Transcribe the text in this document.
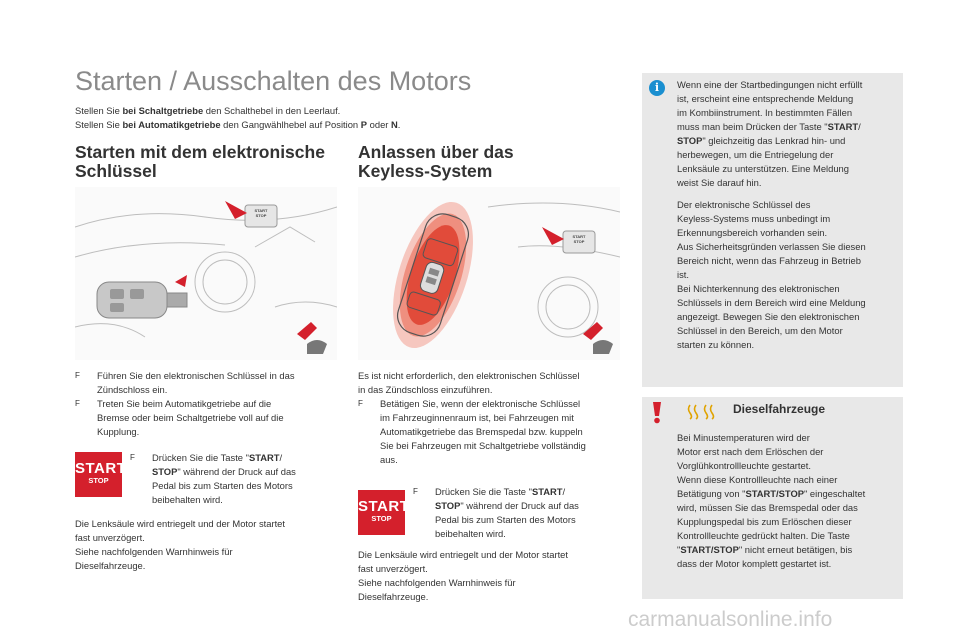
Starten / Ausschalten des Motors
Stellen Sie bei Schaltgetriebe den Schalthebel in den Leerlauf.
Stellen Sie bei Automatikgetriebe den Gangwählhebel auf Position P oder N.
Starten mit dem elektronische
Schlüssel
START
STOP
F Führen Sie den elektronischen Schlüssel in das
Zündschloss ein.
F Treten Sie beim Automatikgetriebe auf die
Bremse oder beim Schaltgetriebe voll auf die
Kupplung.
START
STOP
F Drücken Sie die Taste "START/
STOP" während der Druck auf das
Pedal bis zum Starten des Motors
beibehalten wird.
Die Lenksäule wird entriegelt und der Motor startet
fast unverzögert.
Siehe nachfolgenden Warnhinweis für
Dieselfahrzeuge.
Anlassen über das
Keyless-System
START
STOP
Es ist nicht erforderlich, den elektronischen Schlüssel
in das Zündschloss einzuführen.
F Betätigen Sie, wenn der elektronische Schlüssel
im Fahrzeuginnenraum ist, bei Fahrzeugen mit
Automatikgetriebe das Bremspedal bzw. kuppeln
Sie bei Fahrzeugen mit Schaltgetriebe vollständig
aus.
START
STOP
F Drücken Sie die Taste "START/
STOP" während der Druck auf das
Pedal bis zum Starten des Motors
beibehalten wird.
Die Lenksäule wird entriegelt und der Motor startet
fast unverzögert.
Siehe nachfolgenden Warnhinweis für
Dieselfahrzeuge.
i	Wenn eine der Startbedingungen nicht erfüllt
ist, erscheint eine entsprechende Meldung
im Kombiinstrument. In bestimmten Fällen
muss man beim Drücken der Taste "START/
STOP" gleichzeitig das Lenkrad hin- und
herbewegen, um die Entriegelung der
Lenksäule zu unterstützen. Eine Meldung
weist Sie darauf hin.
Der elektronische Schlüssel des
Keyless-Systems muss unbedingt im
Erkennungsbereich vorhanden sein.
Aus Sicherheitsgründen verlassen Sie diesen
Bereich nicht, wenn das Fahrzeug in Betrieb
ist.
Bei Nichterkennung des elektronischen
Schlüssels in dem Bereich wird eine Meldung
angezeigt. Bewegen Sie den elektronischen
Schlüssel in den Bereich, um den Motor
starten zu können.
Dieselfahrzeuge
Bei Minustemperaturen wird der
Motor erst nach dem Erlöschen der
Vorglühkontrollleuchte gestartet.
Wenn diese Kontrollleuchte nach einer
Betätigung von "START/STOP" eingeschaltet
wird, müssen Sie das Bremspedal oder das
Kupplungspedal bis zum Erlöschen dieser
Kontrollleuchte gedrückt halten. Die Taste
"START/STOP" nicht erneut betätigen, bis
dass der Motor komplett gestartet ist.
carmanualsonline.info
